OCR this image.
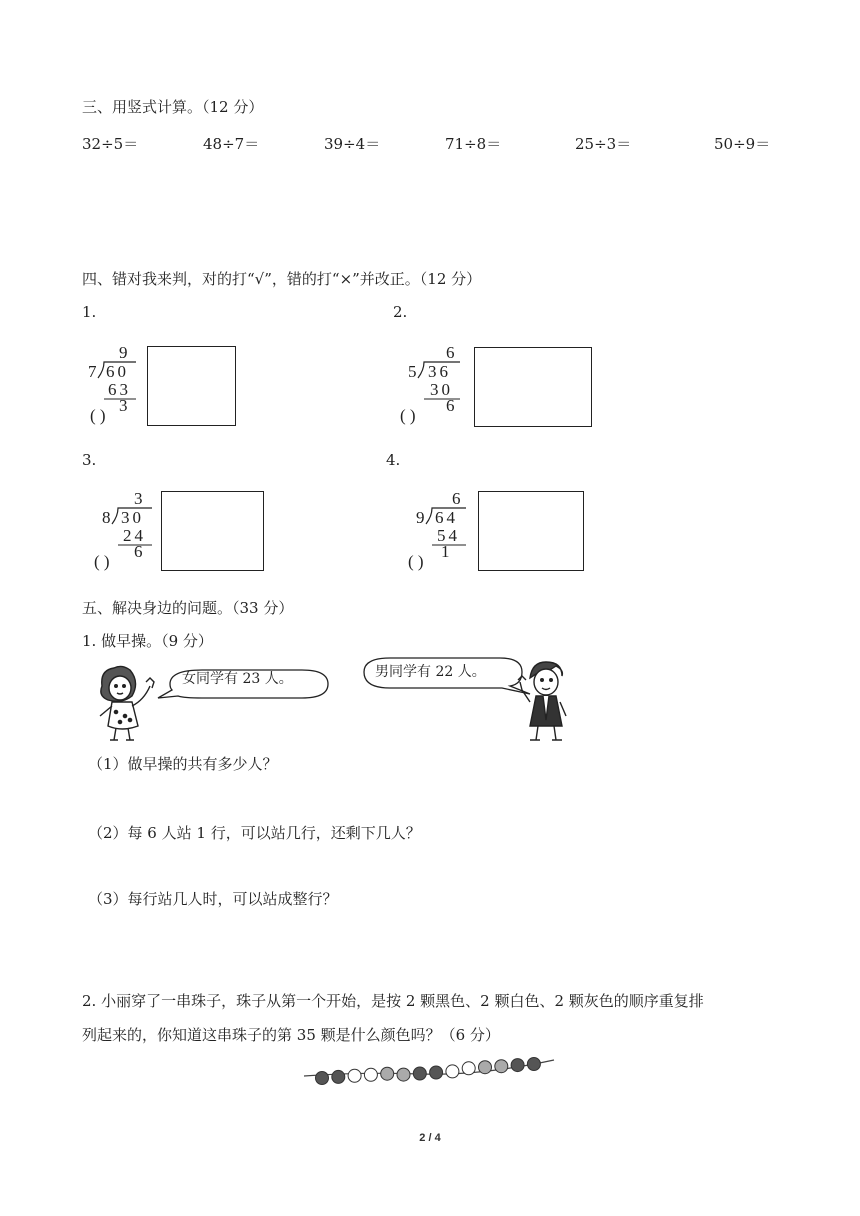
三、用竖式计算。（12 分）
32÷5＝	48÷7＝	39÷4＝	71÷8＝	25÷3＝	50÷9＝
四、错对我来判，对的打“√”，错的打“×”并改正。（12 分）
1.
9
7 60
63
3
( )
2.
6
5 36
30
6
( )
3.
3
8 30
24
6
( )
4.
6
9 64
54
1
( )
五、解决身边的问题。（33 分）
1. 做早操。（9 分）
女同学有 23 人。	男同学有 22 人。
（1）做早操的共有多少人？
（2）每 6 人站 1 行，可以站几行，还剩下几人？
（3）每行站几人时，可以站成整行？
2. 小丽穿了一串珠子，珠子从第一个开始，是按 2 颗黑色、2 颗白色、2 颗灰色的顺序重复排
列起来的，你知道这串珠子的第 35 颗是什么颜色吗？（6 分）
2 / 4
